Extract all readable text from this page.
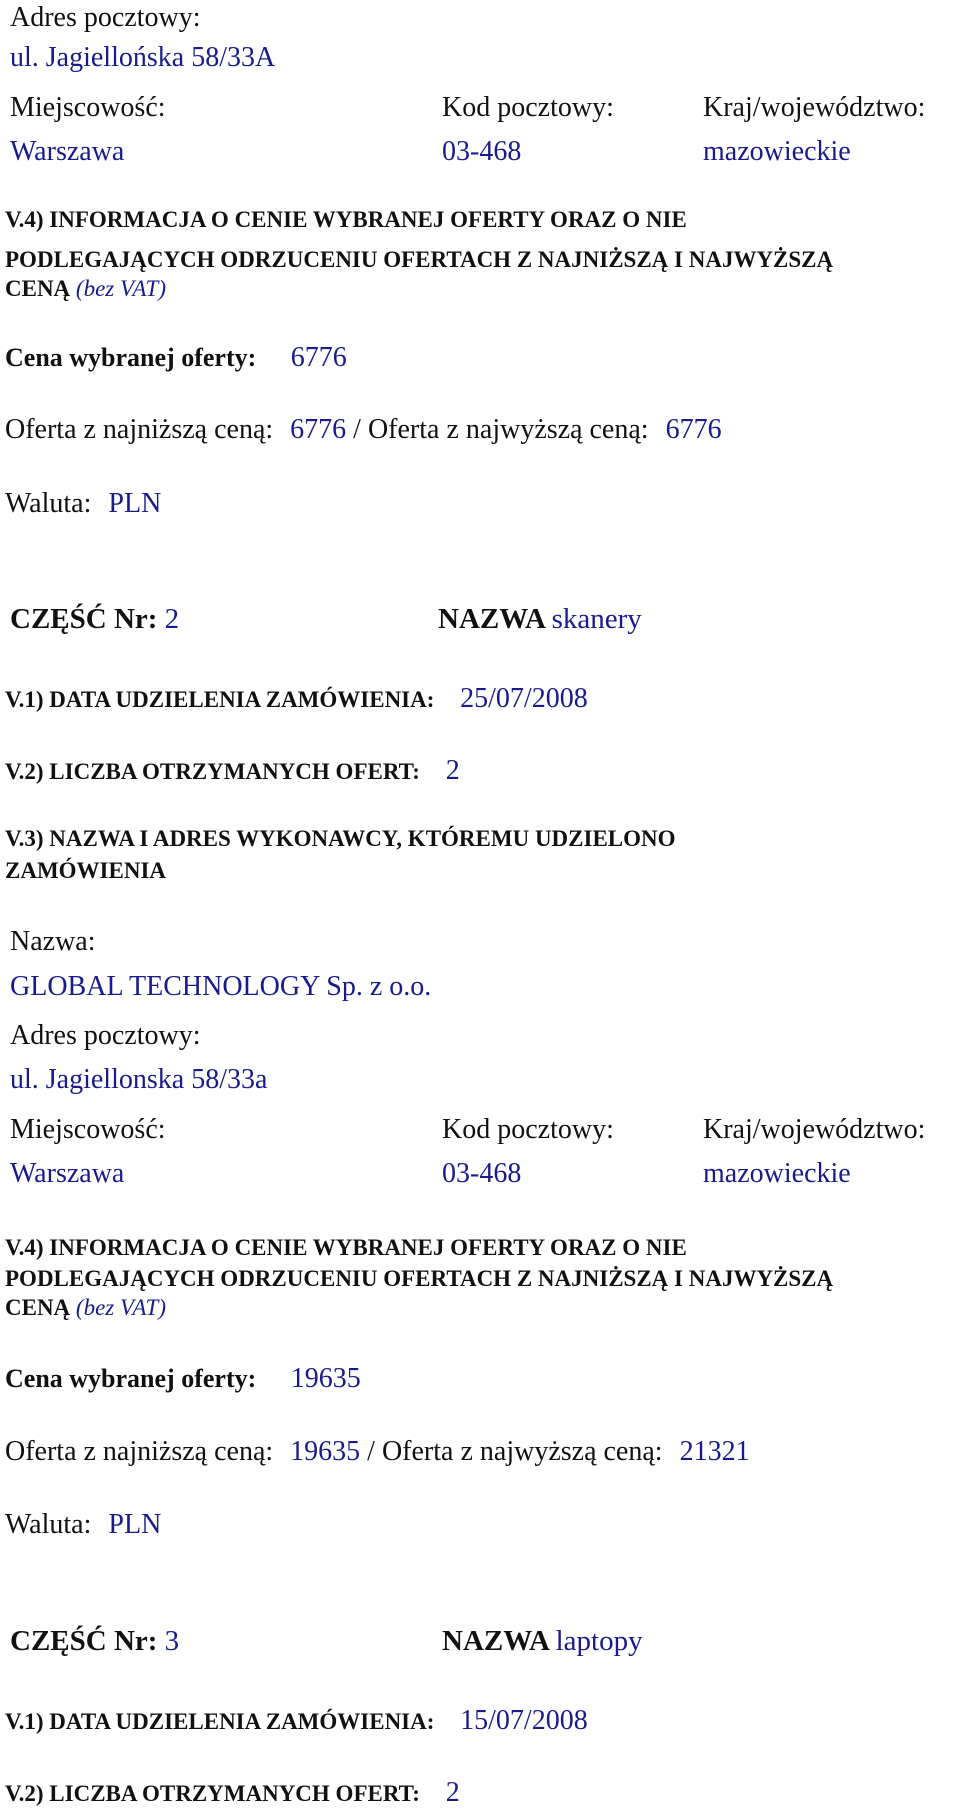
Adres pocztowy:
ul. Jagiellońska 58/33A
Miejscowość:	Kod pocztowy:	Kraj/województwo:
Warszawa	03-468	mazowieckie
V.4) INFORMACJA O CENIE WYBRANEJ OFERTY ORAZ O NIE
PODLEGAJĄCYCH ODRZUCENIU OFERTACH Z NAJNIŻSZĄ I NAJWYŻSZĄ
CENĄ (bez VAT)
Cena wybranej oferty: 6776
Oferta z najniższą ceną: 6776 / Oferta z najwyższą ceną: 6776
Waluta: PLN
CZĘŚĆ Nr: 2	NAZWA skanery
V.1) DATA UDZIELENIA ZAMÓWIENIA: 25/07/2008
V.2) LICZBA OTRZYMANYCH OFERT: 2
V.3) NAZWA I ADRES WYKONAWCY, KTÓREMU UDZIELONO
ZAMÓWIENIA
Nazwa:
GLOBAL TECHNOLOGY Sp. z o.o.
Adres pocztowy:
ul. Jagiellonska 58/33a
Miejscowość:	Kod pocztowy:	Kraj/województwo:
Warszawa	03-468	mazowieckie
V.4) INFORMACJA O CENIE WYBRANEJ OFERTY ORAZ O NIE
PODLEGAJĄCYCH ODRZUCENIU OFERTACH Z NAJNIŻSZĄ I NAJWYŻSZĄ
CENĄ (bez VAT)
Cena wybranej oferty: 19635
Oferta z najniższą ceną: 19635 / Oferta z najwyższą ceną: 21321
Waluta: PLN
CZĘŚĆ Nr: 3	NAZWA laptopy
V.1) DATA UDZIELENIA ZAMÓWIENIA: 15/07/2008
V.2) LICZBA OTRZYMANYCH OFERT: 2
